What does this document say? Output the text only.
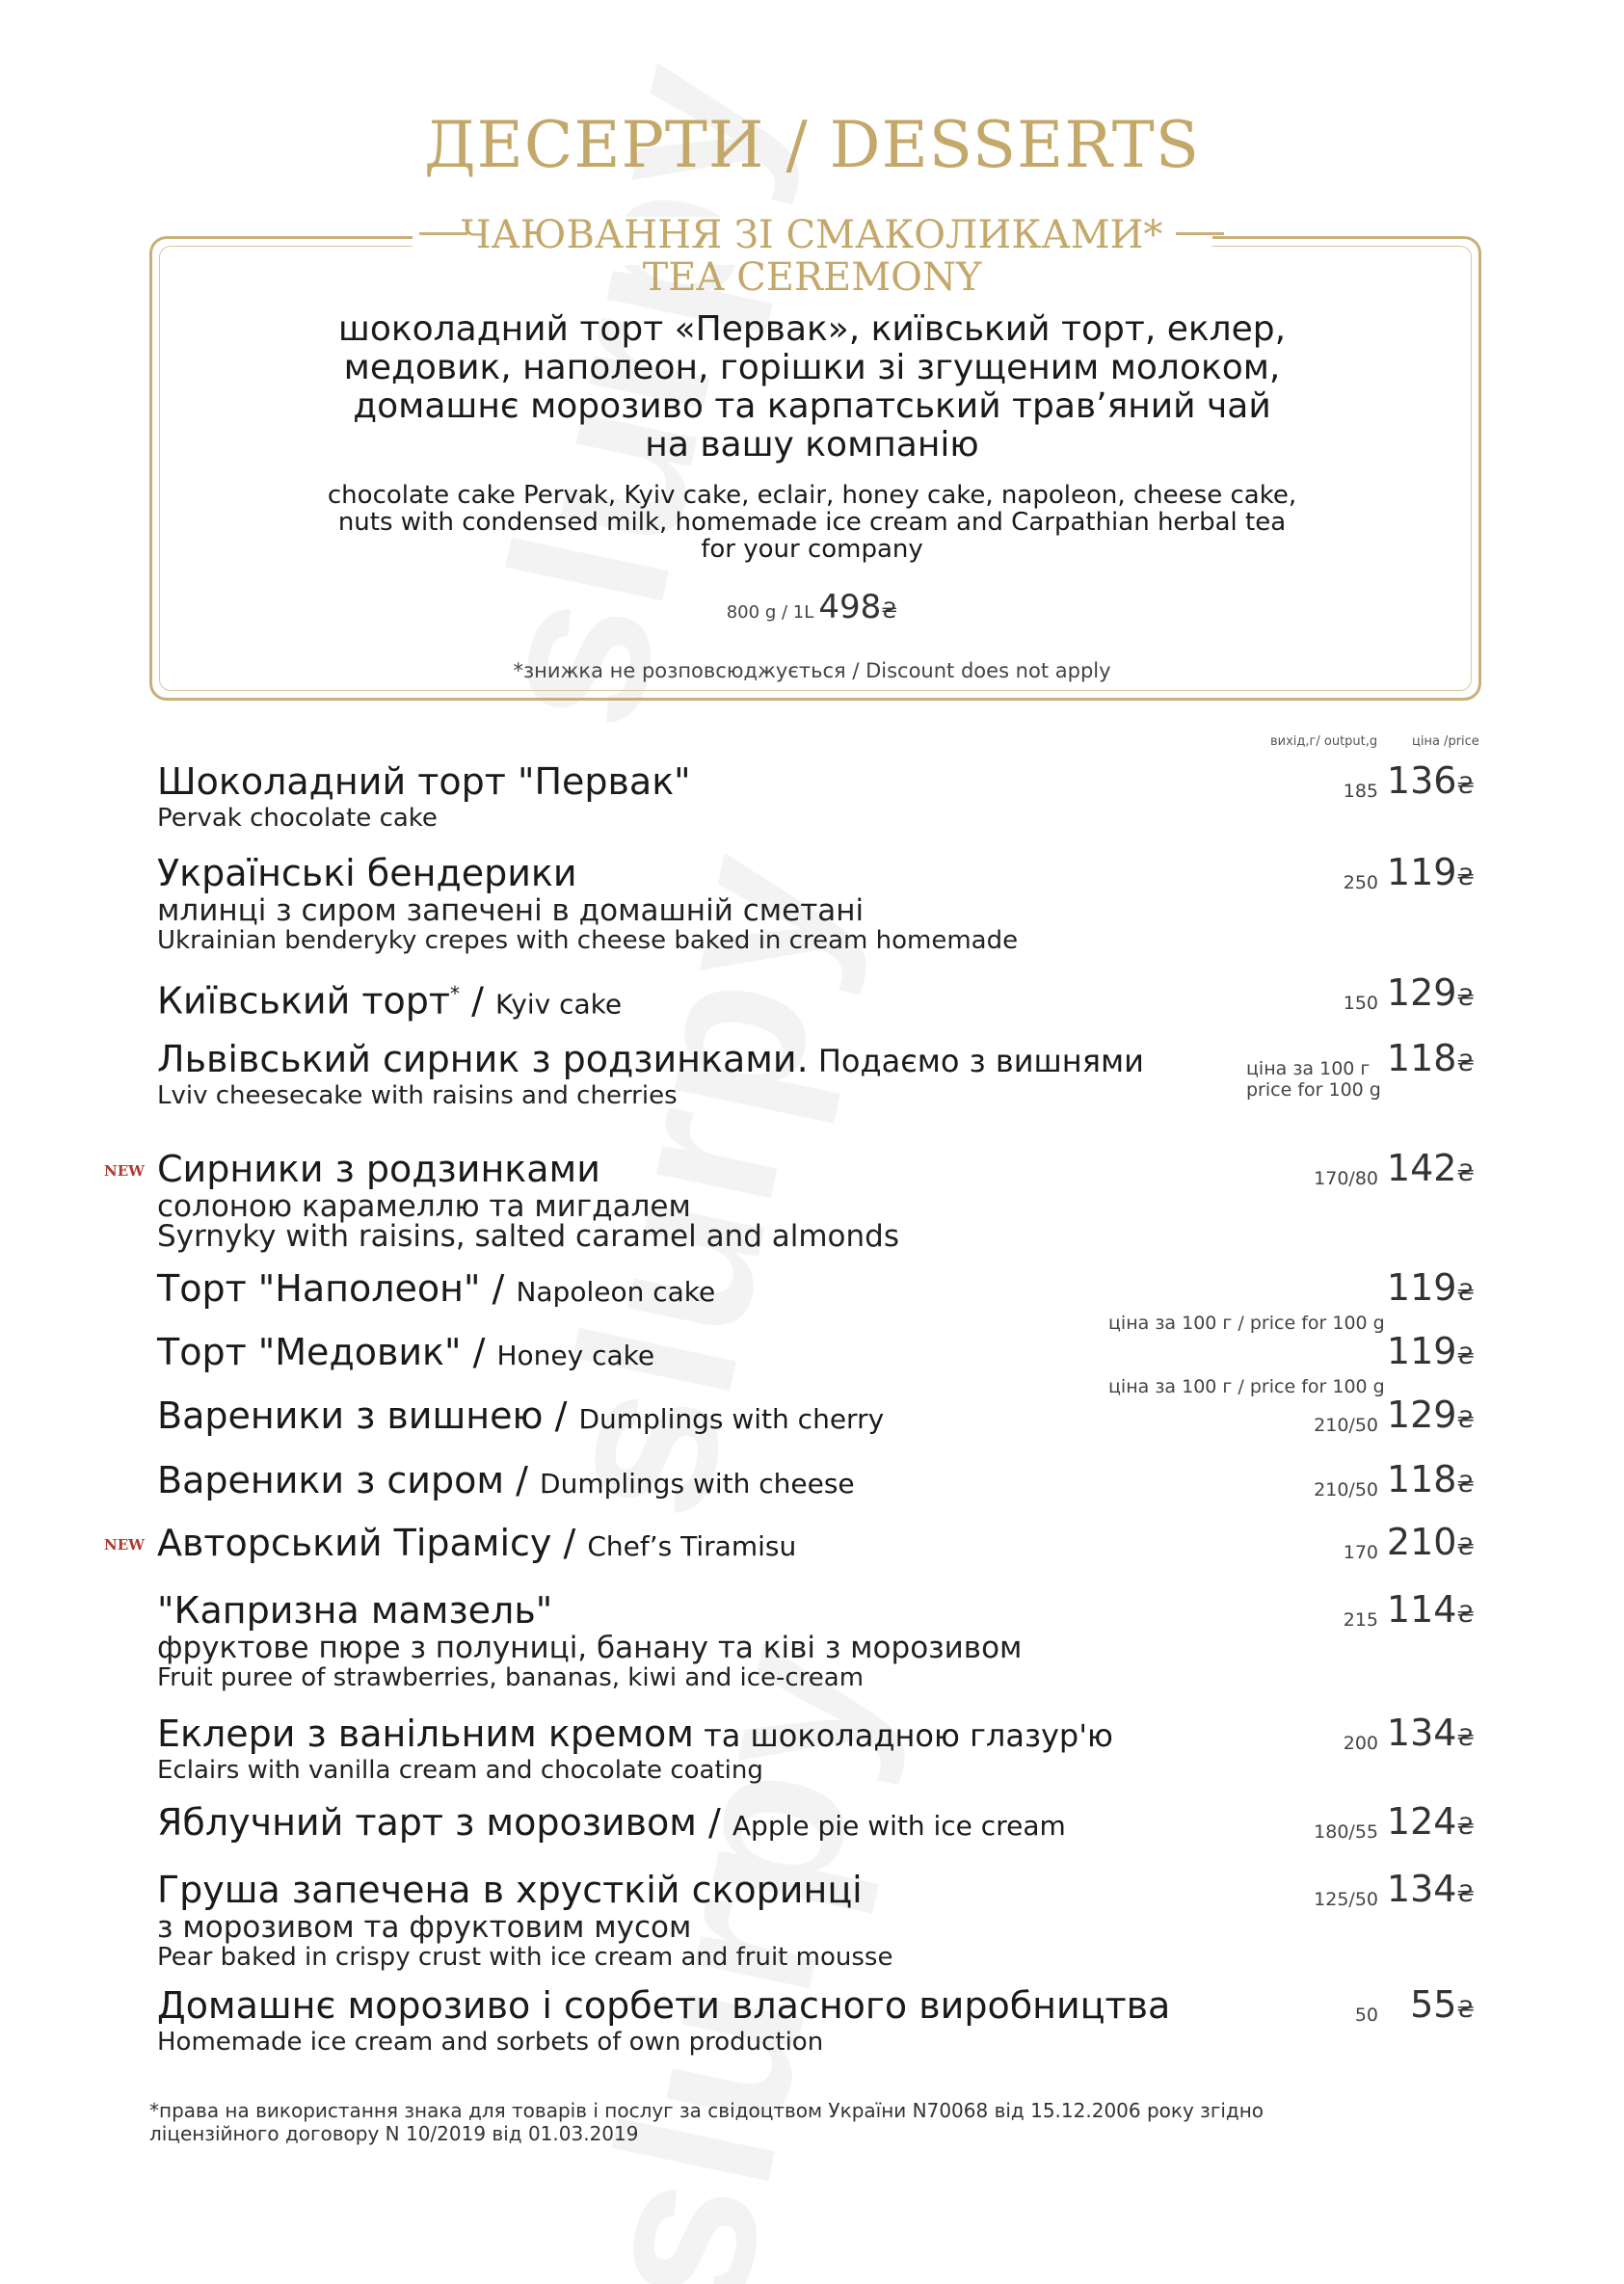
ДЕСЕРТИ / DESSERTS
ЧАЮВАННЯ ЗІ СМАКОЛИКАМИ*
TEA CEREMONY
шоколадний торт «Первак», київський торт, еклер,
медовик, наполеон, горішки зі згущеним молоком,
домашнє морозиво та карпатський трав’яний чай
на вашу компанію
chocolate cake Pervak, Kyiv cake, eclair, honey cake, napoleon, cheese cake,
nuts with condensed milk, homemade ice cream and Carpathian herbal tea
for your company
800 g / 1L 498₴
*знижка не розповсюджується / Discount does not apply
вихід,г/ output,g	ціна /price
Шоколадний торт "Первак"
Pervak chocolate cake
185 136₴
Українські бендерики
млинці з сиром запечені в домашній сметані
Ukrainian benderyky crepes with cheese baked in cream homemade
250 119₴
Київський торт* / Kyiv cake	150 129₴
Львівський сирник з родзинками. Подаємо з вишнями
Lviv cheesecake with raisins and cherries
ціна за 100 г
price for 100 g
118₴
NEW Сирники з родзинками
солоною карамеллю та мигдалем
Syrnyky with raisins, salted caramel and almonds
170/80 142₴
Торт "Наполеон" / Napoleon cake
ціна за 100 г / price for 100 g
119₴
Торт "Медовик" / Honey cake
ціна за 100 г / price for 100 g
119₴
Вареники з вишнею / Dumplings with cherry	210/50 129₴
Вареники з сиром / Dumplings with cheese	210/50 118₴
NEW Авторський Тірамісу / Chef’s Tiramisu	170 210₴
"Капризна мамзель"
фруктове пюре з полуниці, банану та ківі з морозивом
Fruit puree of strawberries, bananas, kiwi and ice-cream
215 114₴
Еклери з ванільним кремом та шоколадною глазур'ю
Eclairs with vanilla cream and chocolate coating
200 134₴
Яблучний тарт з морозивом / Apple pie with ice cream	180/55 124₴
Груша запечена в хрусткій скоринці
з морозивом та фруктовим мусом
Pear baked in crispy crust with ice cream and fruit mousse
125/50 134₴
Домашнє морозиво і сорбети власного виробництва
Homemade ice cream and sorbets of own production
50 55₴
*права на використання знака для товарів і послуг за свідоцтвом України N70068 від 15.12.2006 року згідно
ліцензійного договору N 10/2019 від 01.03.2019
